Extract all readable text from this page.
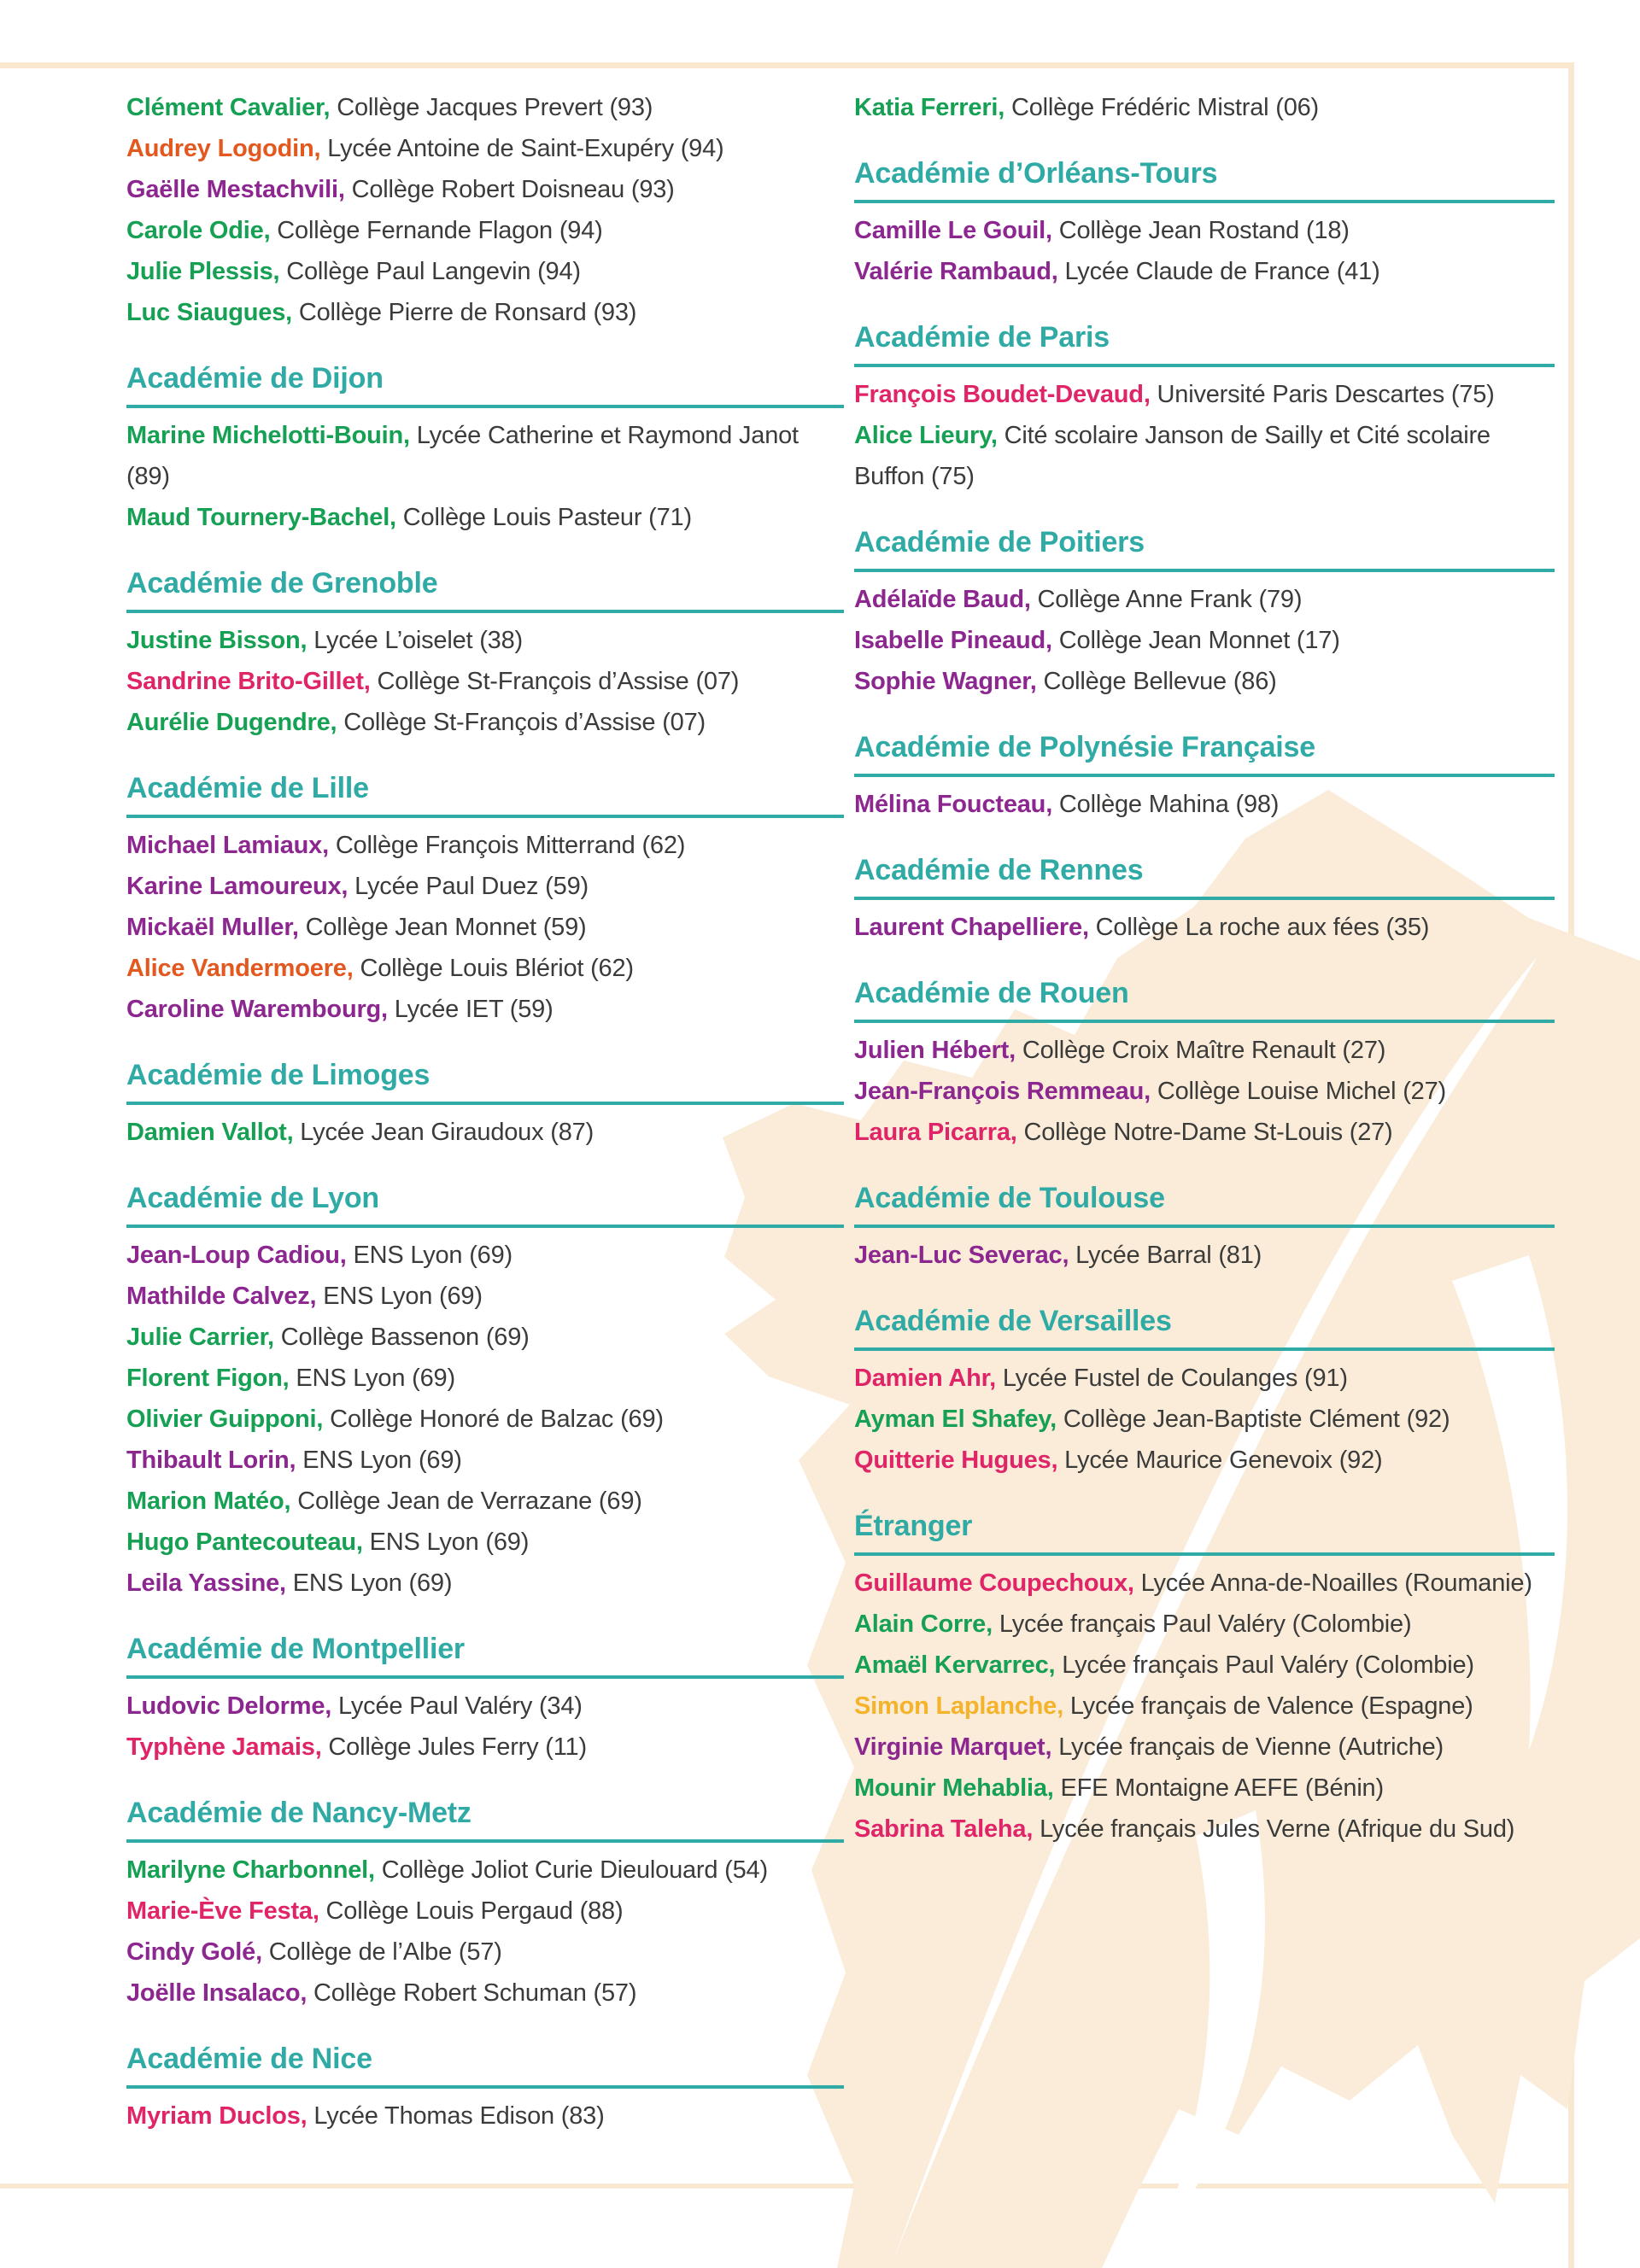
Clément Cavalier, Collège Jacques Prevert (93)

Audrey Logodin, Lycée Antoine de Saint-Exupéry (94)

Gaëlle Mestachvili, Collège Robert Doisneau (93)

Carole Odie, Collège Fernande Flagon (94)

Julie Plessis, Collège Paul Langevin (94)

Luc Siaugues, Collège Pierre de Ronsard (93)

Académie de Dijon

Marine Michelotti-Bouin, Lycée Catherine et Raymond Janot (89)

Maud Tournery-Bachel, Collège Louis Pasteur (71)

Académie de Grenoble

Justine Bisson, Lycée L’oiselet (38)

Sandrine Brito-Gillet, Collège St-François d’Assise (07)

Aurélie Dugendre, Collège St-François d’Assise (07)

Académie de Lille

Michael Lamiaux, Collège François Mitterrand (62)

Karine Lamoureux, Lycée Paul Duez (59)

Mickaël Muller, Collège Jean Monnet (59)

Alice Vandermoere, Collège Louis Blériot (62)

Caroline Warembourg, Lycée IET (59)

Académie de Limoges

Damien Vallot, Lycée Jean Giraudoux (87)

Académie de Lyon

Jean-Loup Cadiou, ENS Lyon (69)

Mathilde Calvez, ENS Lyon (69)

Julie Carrier, Collège Bassenon (69)

Florent Figon, ENS Lyon (69)

Olivier Guipponi, Collège Honoré de Balzac (69)

Thibault Lorin, ENS Lyon (69)

Marion Matéo, Collège Jean de Verrazane (69)

Hugo Pantecouteau, ENS Lyon (69)

Leila Yassine, ENS Lyon (69)

Académie de Montpellier

Ludovic Delorme, Lycée Paul Valéry (34)

Typhène Jamais, Collège Jules Ferry (11)

Académie de Nancy-Metz

Marilyne Charbonnel, Collège Joliot Curie Dieulouard (54)

Marie-Ève Festa, Collège Louis Pergaud (88)

Cindy Golé, Collège de l’Albe (57)

Joëlle Insalaco, Collège Robert Schuman (57)

Académie de Nice

Myriam Duclos, Lycée Thomas Edison (83)

Katia Ferreri, Collège Frédéric Mistral (06)

Académie d’Orléans-Tours

Camille Le Gouil, Collège Jean Rostand (18)

Valérie Rambaud, Lycée Claude de France (41)

Académie de Paris

François Boudet-Devaud, Université Paris Descartes (75)

Alice Lieury, Cité scolaire Janson de Sailly et Cité scolaire Buffon (75)

Académie de Poitiers

Adélaïde Baud, Collège Anne Frank (79)

Isabelle Pineaud, Collège Jean Monnet (17)

Sophie Wagner, Collège Bellevue (86)

Académie de Polynésie Française

Mélina Foucteau, Collège Mahina (98)

Académie de Rennes

Laurent Chapelliere, Collège La roche aux fées (35)

Académie de Rouen

Julien Hébert, Collège Croix Maître Renault (27)

Jean-François Remmeau, Collège Louise Michel (27)

Laura Picarra, Collège Notre-Dame St-Louis (27)

Académie de Toulouse

Jean-Luc Severac, Lycée Barral (81)

Académie de Versailles

Damien Ahr, Lycée Fustel de Coulanges (91)

Ayman El Shafey, Collège Jean-Baptiste Clément (92)

Quitterie Hugues, Lycée Maurice Genevoix (92)

Étranger

Guillaume Coupechoux, Lycée Anna-de-Noailles (Roumanie)

Alain Corre, Lycée français Paul Valéry (Colombie)

Amaël Kervarrec, Lycée français Paul Valéry (Colombie)

Simon Laplanche, Lycée français de Valence (Espagne)

Virginie Marquet, Lycée français de Vienne (Autriche)

Mounir Mehablia, EFE Montaigne AEFE (Bénin)

Sabrina Taleha, Lycée français Jules Verne (Afrique du Sud)
